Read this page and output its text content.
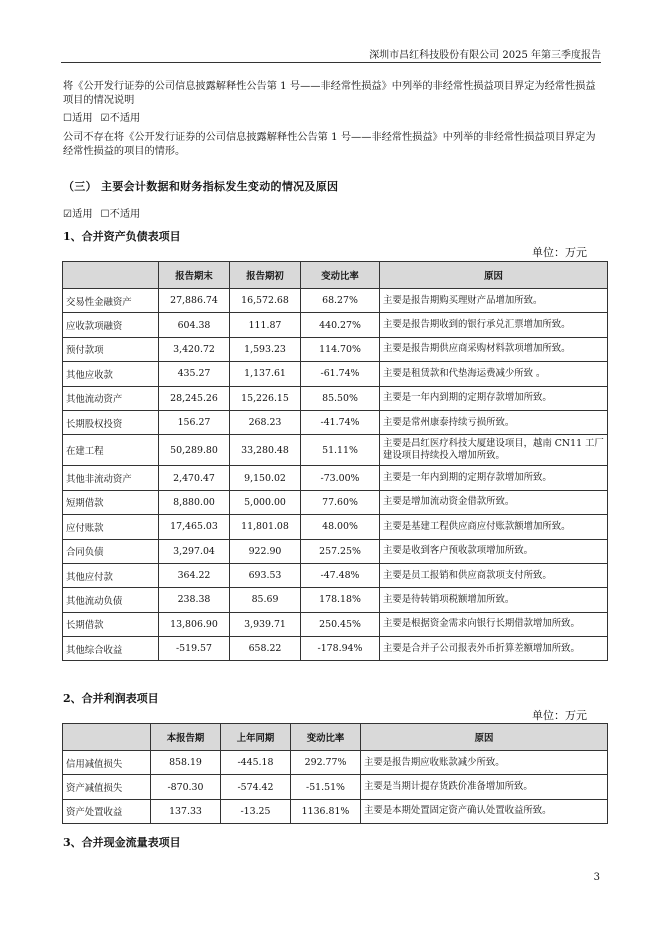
深圳市昌红科技股份有限公司 2025 年第三季度报告
将《公开发行证券的公司信息披露解释性公告第 1 号——非经常性损益》中列举的非经常性损益项目界定为经常性损益项目的情况说明
☐适用 ☑不适用
公司不存在将《公开发行证券的公司信息披露解释性公告第 1 号——非经常性损益》中列举的非经常性损益项目界定为经常性损益的项目的情形。
（三） 主要会计数据和财务指标发生变动的情况及原因
☑适用 ☐不适用
1、合并资产负债表项目
单位：万元
	报告期末	报告期初	变动比率	原因
交易性金融资产	27,886.74	16,572.68	68.27%	主要是报告期购买理财产品增加所致。
应收款项融资	604.38	111.87	440.27%	主要是报告期收到的银行承兑汇票增加所致。
预付款项	3,420.72	1,593.23	114.70%	主要是报告期供应商采购材料款项增加所致。
其他应收款	435.27	1,137.61	-61.74%	主要是租赁款和代垫海运费减少所致 。
其他流动资产	28,245.26	15,226.15	85.50%	主要是一年内到期的定期存款增加所致。
长期股权投资	156.27	268.23	-41.74%	主要是常州康泰持续亏损所致。
在建工程	50,289.80	33,280.48	51.11%	主要是昌红医疗科技大厦建设项目，越南 CN11 工厂建设项目持续投入增加所致。
其他非流动资产	2,470.47	9,150.02	-73.00%	主要是一年内到期的定期存款增加所致。
短期借款	8,880.00	5,000.00	77.60%	主要是增加流动资金借款所致。
应付账款	17,465.03	11,801.08	48.00%	主要是基建工程供应商应付账款额增加所致。
合同负债	3,297.04	922.90	257.25%	主要是收到客户预收款项增加所致。
其他应付款	364.22	693.53	-47.48%	主要是员工报销和供应商款项支付所致。
其他流动负债	238.38	85.69	178.18%	主要是待转销项税额增加所致。
长期借款	13,806.90	3,939.71	250.45%	主要是根据资金需求向银行长期借款增加所致。
其他综合收益	-519.57	658.22	-178.94%	主要是合并子公司报表外币折算差额增加所致。
2、合并利润表项目
单位：万元
	本报告期	上年同期	变动比率	原因
信用减值损失	858.19	-445.18	292.77%	主要是报告期应收账款减少所致。
资产减值损失	-870.30	-574.42	-51.51%	主要是当期计提存货跌价准备增加所致。
资产处置收益	137.33	-13.25	1136.81%	主要是本期处置固定资产确认处置收益所致。
3、合并现金流量表项目
3
